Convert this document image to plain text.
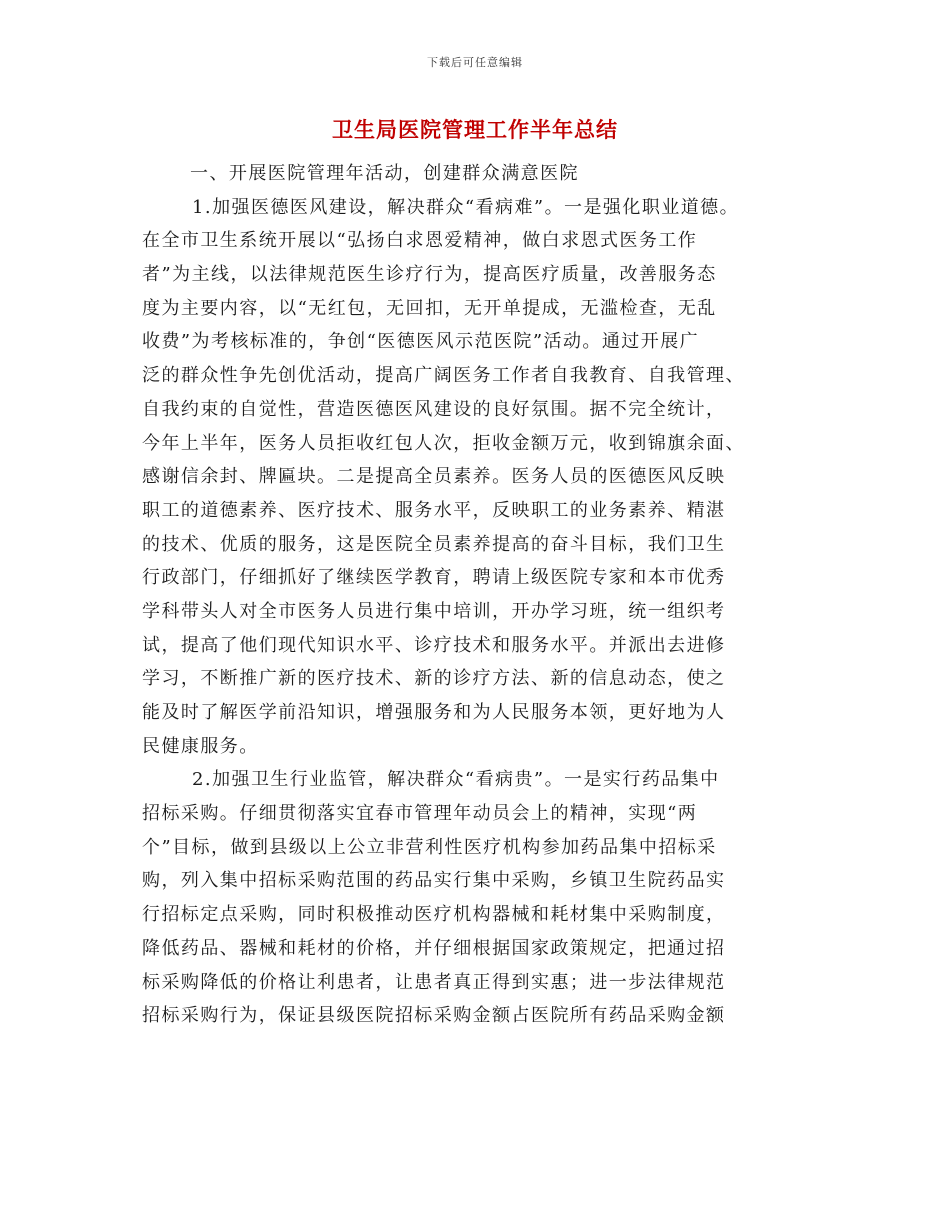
下载后可任意编辑
卫生局医院管理工作半年总结
一、开展医院管理年活动，创建群众满意医院
1.加强医德医风建设，解决群众“看病难”。一是强化职业道德。
在全市卫生系统开展以“弘扬白求恩爱精神，做白求恩式医务工作
者”为主线，以法律规范医生诊疗行为，提高医疗质量，改善服务态
度为主要内容，以“无红包，无回扣，无开单提成，无滥检查，无乱
收费”为考核标准的，争创“医德医风示范医院”活动。通过开展广
泛的群众性争先创优活动，提高广阔医务工作者自我教育、自我管理、
自我约束的自觉性，营造医德医风建设的良好氛围。据不完全统计，
今年上半年，医务人员拒收红包人次，拒收金额万元，收到锦旗余面、
感谢信余封、牌匾块。二是提高全员素养。医务人员的医德医风反映
职工的道德素养、医疗技术、服务水平，反映职工的业务素养、精湛
的技术、优质的服务，这是医院全员素养提高的奋斗目标，我们卫生
行政部门，仔细抓好了继续医学教育，聘请上级医院专家和本市优秀
学科带头人对全市医务人员进行集中培训，开办学习班，统一组织考
试，提高了他们现代知识水平、诊疗技术和服务水平。并派出去进修
学习，不断推广新的医疗技术、新的诊疗方法、新的信息动态，使之
能及时了解医学前沿知识，增强服务和为人民服务本领，更好地为人
民健康服务。
2.加强卫生行业监管，解决群众“看病贵”。一是实行药品集中
招标采购。仔细贯彻落实宜春市管理年动员会上的精神，实现“两
个”目标，做到县级以上公立非营利性医疗机构参加药品集中招标采
购，列入集中招标采购范围的药品实行集中采购，乡镇卫生院药品实
行招标定点采购，同时积极推动医疗机构器械和耗材集中采购制度，
降低药品、器械和耗材的价格，并仔细根据国家政策规定，把通过招
标采购降低的价格让利患者，让患者真正得到实惠；进一步法律规范
招标采购行为，保证县级医院招标采购金额占医院所有药品采购金额
